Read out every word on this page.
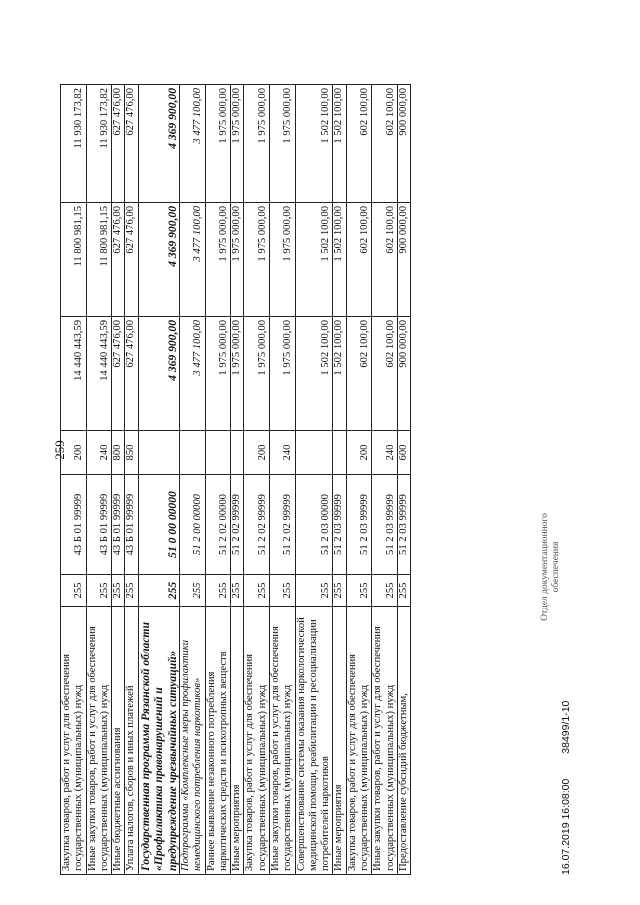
259
Закупка товаров, работ и услуг для обеспечения государственных (муниципальных) нужд	255	43 Б 01 99999	200	14 440 443,59	11 800 981,15	11 930 173,82
Иные закупки товаров, работ и услуг для обеспечения государственных (муниципальных) нужд	255	43 Б 01 99999	240	14 440 443,59	11 800 981,15	11 930 173,82
Иные бюджетные ассигнования	255	43 Б 01 99999	800	627 476,00	627 476,00	627 476,00
Уплата налогов, сборов и иных платежей	255	43 Б 01 99999	850	627 476,00	627 476,00	627 476,00
Государственная программа Рязанской области «Профилактика правонарушений и предупреждение чрезвычайных ситуаций»	255	51 0 00 00000		4 369 900,00	4 369 900,00	4 369 900,00
Подпрограмма «Комплексные меры профилактики немедицинского потребления наркотиков»	255	51 2 00 00000		3 477 100,00	3 477 100,00	3 477 100,00
Раннее выявление незаконного потребления наркотических средств и психотропных веществ	255	51 2 02 00000		1 975 000,00	1 975 000,00	1 975 000,00
Иные мероприятия	255	51 2 02 99999		1 975 000,00	1 975 000,00	1 975 000,00
Закупка товаров, работ и услуг для обеспечения государственных (муниципальных) нужд	255	51 2 02 99999	200	1 975 000,00	1 975 000,00	1 975 000,00
Иные закупки товаров, работ и услуг для обеспечения государственных (муниципальных) нужд	255	51 2 02 99999	240	1 975 000,00	1 975 000,00	1 975 000,00
Совершенствование системы оказания наркологической медицинской помощи, реабилитации и ресоциализации потребителей наркотиков	255	51 2 03 00000		1 502 100,00	1 502 100,00	1 502 100,00
Иные мероприятия	255	51 2 03 99999		1 502 100,00	1 502 100,00	1 502 100,00
Закупка товаров, работ и услуг для обеспечения государственных (муниципальных) нужд	255	51 2 03 99999	200	602 100,00	602 100,00	602 100,00
Иные закупки товаров, работ и услуг для обеспечения государственных (муниципальных) нужд	255	51 2 03 99999	240	602 100,00	602 100,00	602 100,00
Предоставление субсидий бюджетным,	255	51 2 03 99999	600	900 000,00	900 000,00	900 000,00
16.07.2019 16:08:00 38499/1-10
Отдел документационного обеспечения
